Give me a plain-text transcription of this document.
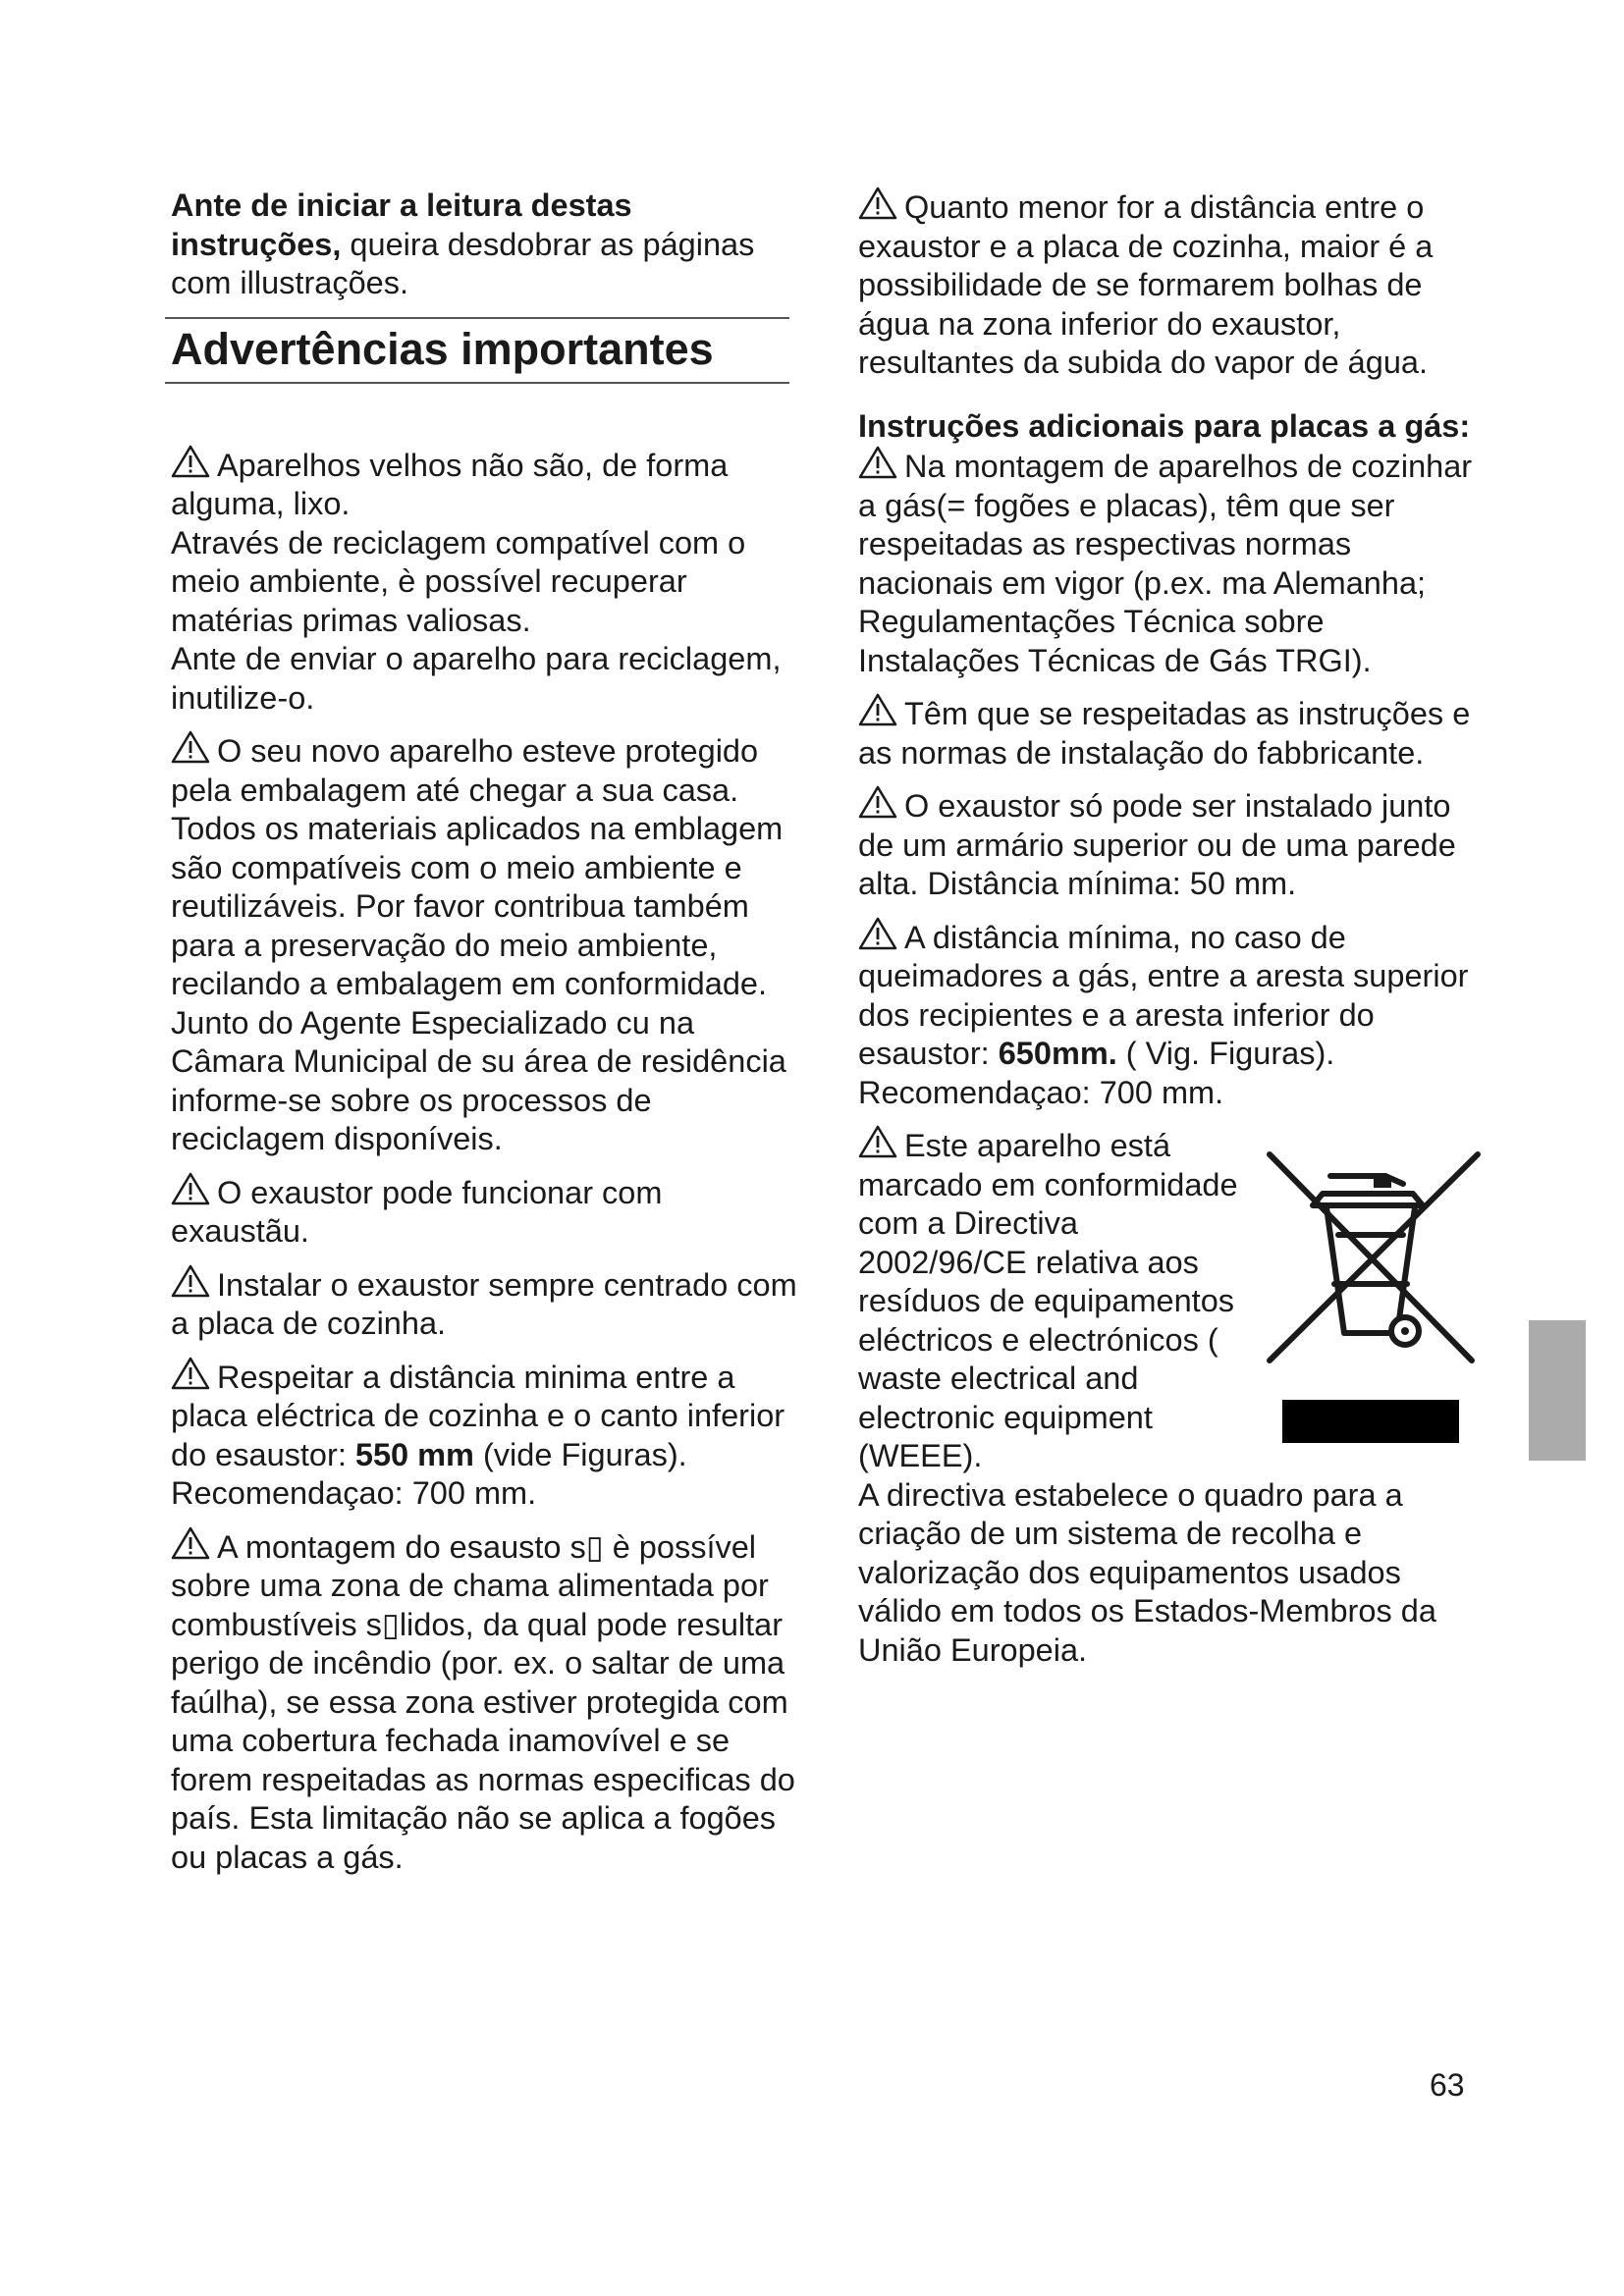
Ante de iniciar a leitura destas instruções, queira desdobrar as páginas com illustrações.

Advertências importantes

Aparelhos velhos não são, de forma alguma, lixo.

Através de reciclagem compatível com o meio ambiente, è possível recuperar matérias primas valiosas.

Ante de enviar o aparelho para reciclagem, inutilize-o.

O seu novo aparelho esteve protegido pela embalagem até chegar a sua casa. Todos os materiais aplicados na emblagem são compatíveis com o meio ambiente e reutilizáveis. Por favor contribua também para a preservação do meio ambiente, recilando a embalagem em conformidade.

Junto do Agente Especializado cu na Câmara Municipal de su área de residência informe-se sobre os processos de reciclagem disponíveis.

O exaustor pode funcionar com exaustãu.

Instalar o exaustor sempre centrado com a placa de cozinha.

Respeitar a distância minima entre a placa eléctrica de cozinha e o canto inferior do esaustor: 550 mm (vide Figuras).

Recomendaçao: 700 mm.

A montagem do esausto s▯ è possível sobre uma zona de chama alimentada por combustíveis s▯lidos, da qual pode resultar perigo de incêndio (por. ex. o saltar de uma faúlha), se essa zona estiver protegida com uma cobertura fechada inamovível e se forem respeitadas as normas especificas do país. Esta limitação não se aplica a fogões ou placas a gás.

Quanto menor for a distância entre o exaustor e a placa de cozinha, maior é a possibilidade de se formarem bolhas de água na zona inferior do exaustor, resultantes da subida do vapor de água.

Instruções adicionais para placas a gás:

Na montagem de aparelhos de cozinhar a gás(= fogões e placas), têm que ser respeitadas as respectivas normas nacionais em vigor (p.ex. ma Alemanha; Regulamentações Técnica sobre Instalações Técnicas de Gás TRGI).

Têm que se respeitadas as instruções e as normas de instalação do fabbricante.

O exaustor só pode ser instalado junto de um armário superior ou de uma parede alta. Distância mínima: 50 mm.

A distância mínima, no caso de queimadores a gás, entre a aresta superior dos recipientes e a aresta inferior do esaustor: 650mm. ( Vig. Figuras).

Recomendaçao: 700 mm.

Este aparelho está marcado em conformidade com a Directiva 2002/96/CE relativa aos resíduos de equipamentos eléctricos e electrónicos ( waste electrical and electronic equipment (WEEE).

A directiva estabelece o quadro para a criação de um sistema de recolha e valorização dos equipamentos usados válido em todos os Estados-Membros da União Europeia.

63
